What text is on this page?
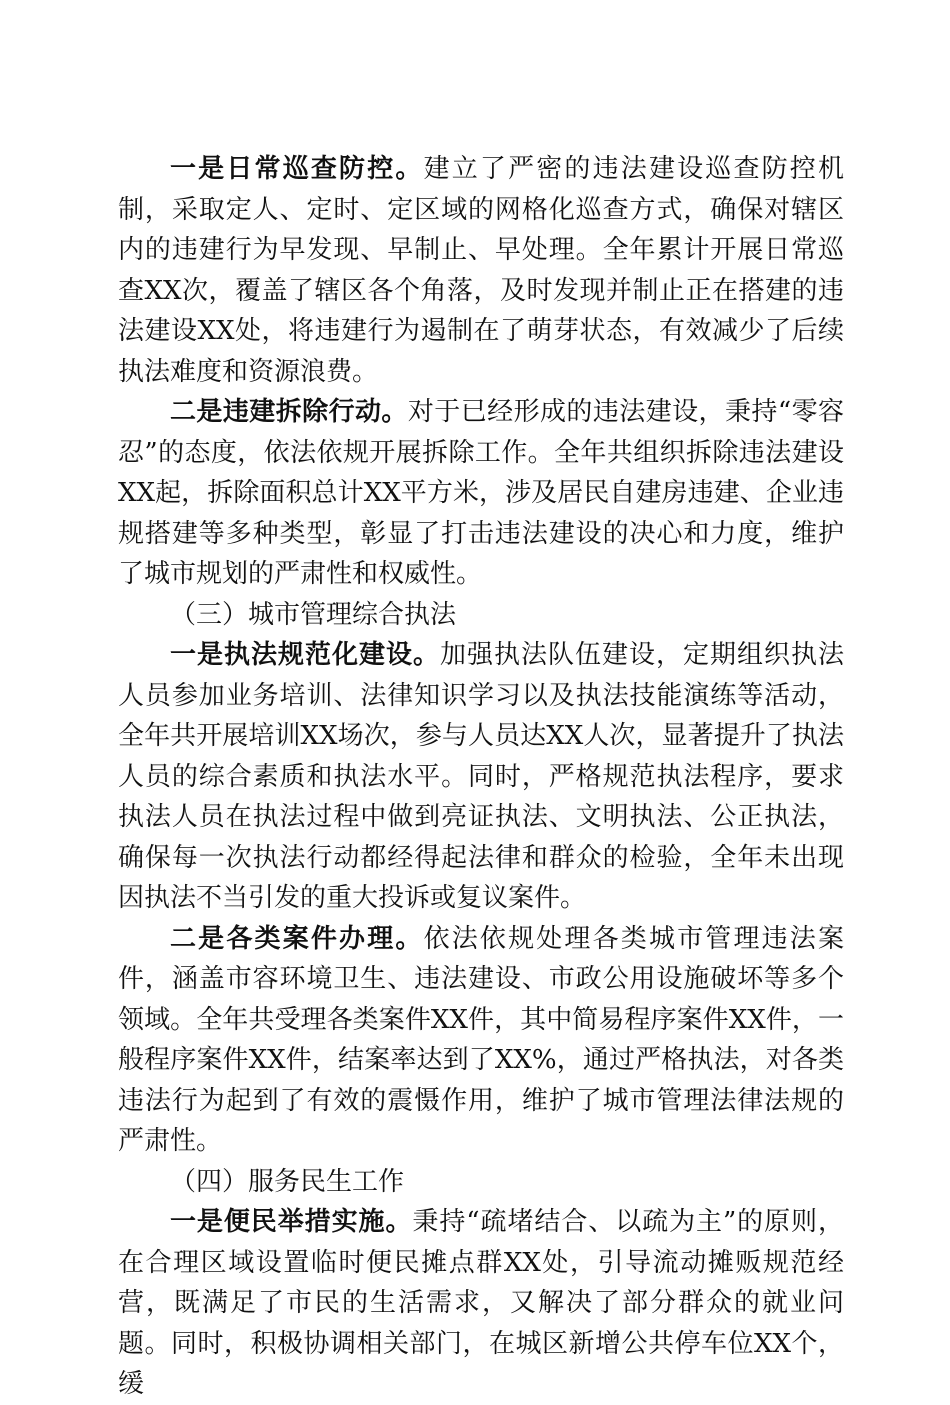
一是日常巡查防控。建立了严密的违法建设巡查防控机制，采取定人、定时、定区域的网格化巡查方式，确保对辖区内的违建行为早发现、早制止、早处理。全年累计开展日常巡查XX次，覆盖了辖区各个角落，及时发现并制止正在搭建的违法建设XX处，将违建行为遏制在了萌芽状态，有效减少了后续执法难度和资源浪费。

二是违建拆除行动。对于已经形成的违法建设，秉持“零容忍”的态度，依法依规开展拆除工作。全年共组织拆除违法建设XX起，拆除面积总计XX平方米，涉及居民自建房违建、企业违规搭建等多种类型，彰显了打击违法建设的决心和力度，维护了城市规划的严肃性和权威性。

（三）城市管理综合执法

一是执法规范化建设。加强执法队伍建设，定期组织执法人员参加业务培训、法律知识学习以及执法技能演练等活动，全年共开展培训XX场次，参与人员达XX人次，显著提升了执法人员的综合素质和执法水平。同时，严格规范执法程序，要求执法人员在执法过程中做到亮证执法、文明执法、公正执法，确保每一次执法行动都经得起法律和群众的检验，全年未出现因执法不当引发的重大投诉或复议案件。

二是各类案件办理。依法依规处理各类城市管理违法案件，涵盖市容环境卫生、违法建设、市政公用设施破坏等多个领域。全年共受理各类案件XX件，其中简易程序案件XX件，一般程序案件XX件，结案率达到了XX%，通过严格执法，对各类违法行为起到了有效的震慑作用，维护了城市管理法律法规的严肃性。

（四）服务民生工作

一是便民举措实施。秉持“疏堵结合、以疏为主”的原则，在合理区域设置临时便民摊点群XX处，引导流动摊贩规范经营，既满足了市民的生活需求，又解决了部分群众的就业问题。同时，积极协调相关部门，在城区新增公共停车位XX个，缓
